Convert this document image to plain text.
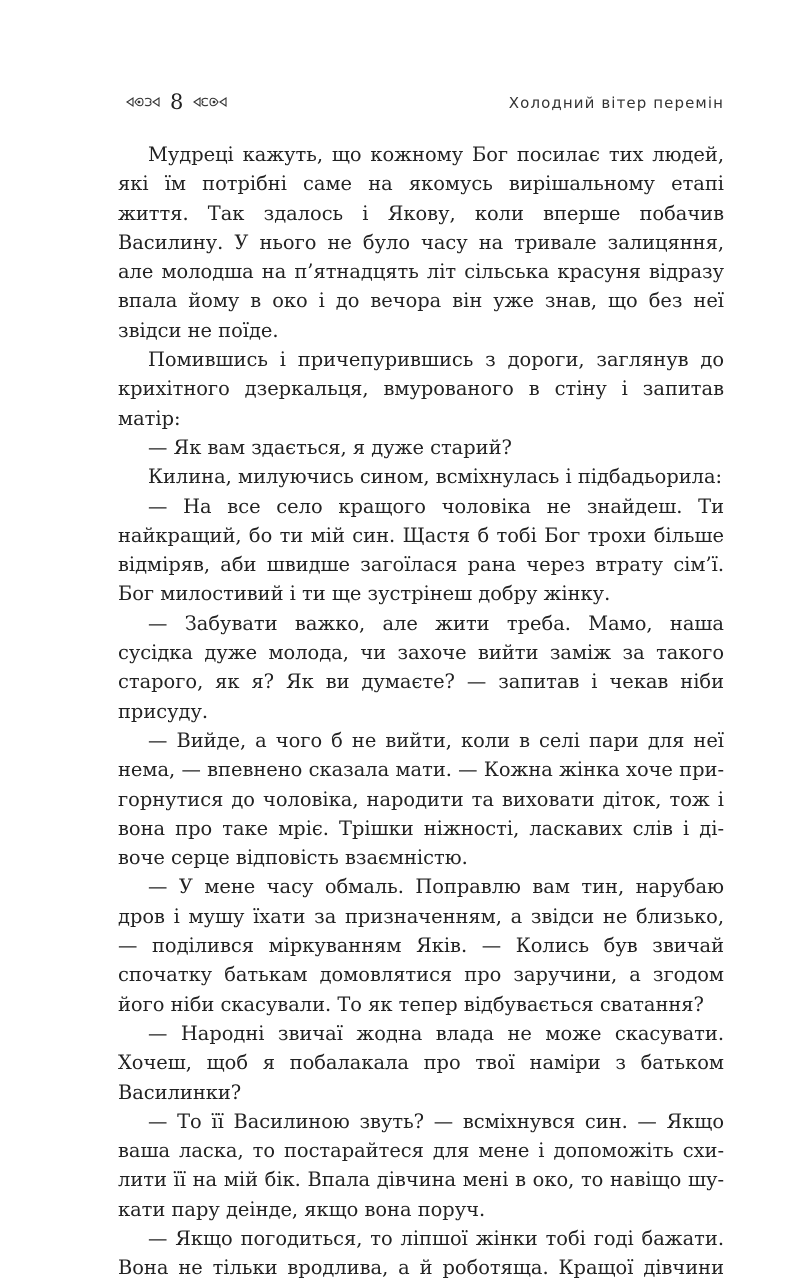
8	Холодний вітер перемін

Мудреці кажуть, що кожному Бог посилає тих людей, які їм потрібні саме на якомусь вирішальному етапі життя. Так здалось і Якову, коли вперше побачив Василину. У нього не було часу на тривале залицяння, але молодша на п’ятнадцять літ сільська красуня відразу впала йому в око і до вечора він уже знав, що без неї звідси не поїде.

Помившись і причепурившись з дороги, заглянув до крихітного дзеркальця, вмурованого в стіну і запитав матір:

— Як вам здається, я дуже старий?

Килина, милуючись сином, всміхнулась і підбадьорила:

— На все село кращого чоловіка не знайдеш. Ти найкращий, бо ти мій син. Щастя б тобі Бог трохи більше відміряв, аби швидше загоїлася рана через втрату сім’ї. Бог милостивий і ти ще зустрінеш добру жінку.

— Забувати важко, але жити треба. Мамо, наша сусідка дуже молода, чи захоче вийти заміж за такого старого, як я? Як ви думаєте? — запитав і чекав ніби присуду.

— Вийде, а чого б не вийти, коли в селі пари для неї нема, — впевнено сказала мати. — Кожна жінка хоче пригорнутися до чоловіка, народити та виховати діток, тож і вона про таке мріє. Трішки ніжності, ласкавих слів і дівоче серце відповість взаємністю.

— У мене часу обмаль. Поправлю вам тин, нарубаю дров і мушу їхати за призначенням, а звідси не близько, — поділився міркуванням Яків. — Колись був звичай спочатку батькам домовлятися про заручини, а згодом його ніби скасували. То як тепер відбувається сватання?

— Народні звичаї жодна влада не може скасувати. Хочеш, щоб я побалакала про твої наміри з батьком Василинки?

— То її Василиною звуть? — всміхнувся син. — Якщо ваша ласка, то постарайтеся для мене і допоможіть схилити її на мій бік. Впала дівчина мені в око, то навіщо шукати пару деінде, якщо вона поруч.

— Якщо погодиться, то ліпшої жінки тобі годі бажати. Вона не тільки вродлива, а й роботяща. Кращої дівчини
